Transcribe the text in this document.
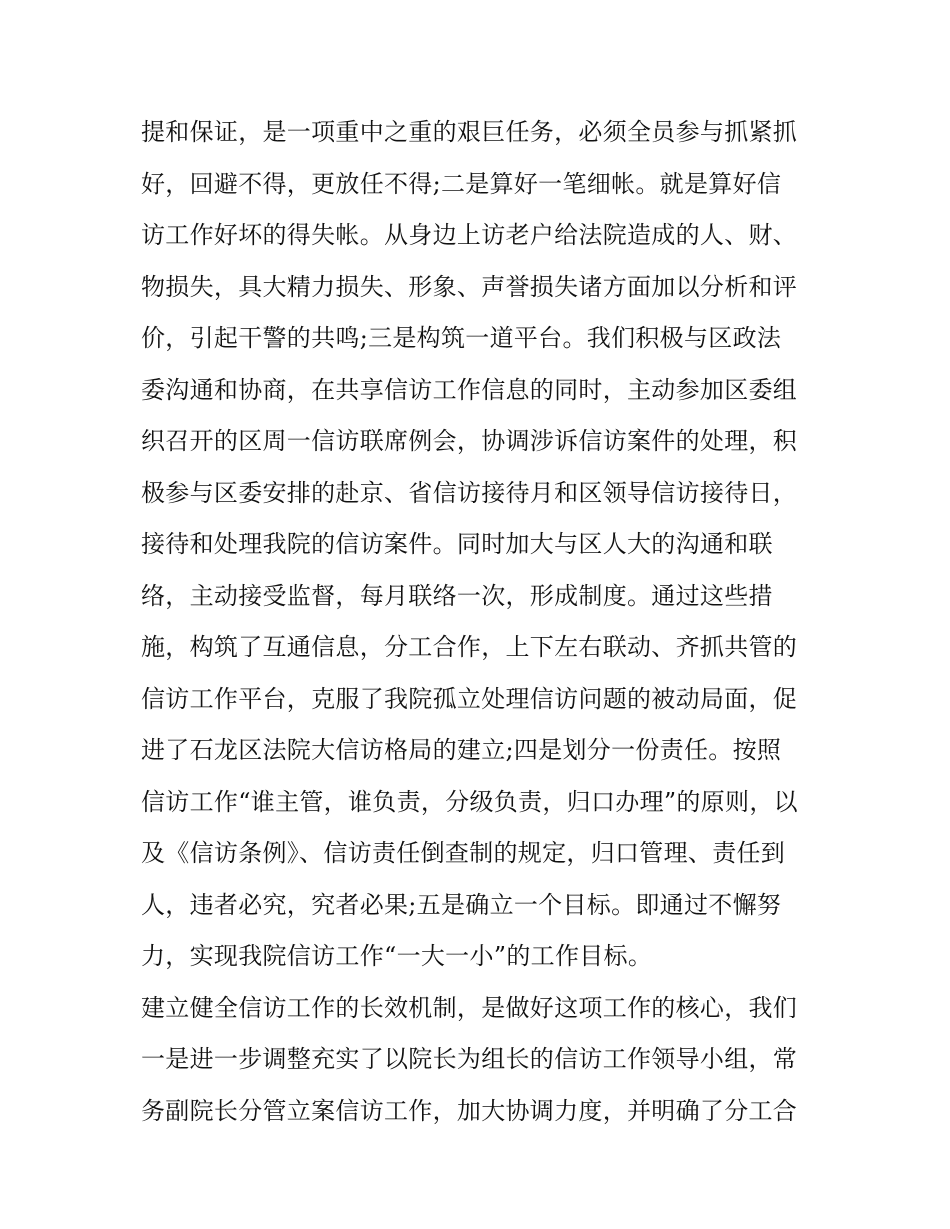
提和保证，是一项重中之重的艰巨任务，必须全员参与抓紧抓
好，回避不得，更放任不得;二是算好一笔细帐。就是算好信
访工作好坏的得失帐。从身边上访老户给法院造成的人、财、
物损失，具大精力损失、形象、声誉损失诸方面加以分析和评
价，引起干警的共鸣;三是构筑一道平台。我们积极与区政法
委沟通和协商，在共享信访工作信息的同时，主动参加区委组
织召开的区周一信访联席例会，协调涉诉信访案件的处理，积
极参与区委安排的赴京、省信访接待月和区领导信访接待日，
接待和处理我院的信访案件。同时加大与区人大的沟通和联
络，主动接受监督，每月联络一次，形成制度。通过这些措
施，构筑了互通信息，分工合作，上下左右联动、齐抓共管的
信访工作平台，克服了我院孤立处理信访问题的被动局面，促
进了石龙区法院大信访格局的建立;四是划分一份责任。按照
信访工作“谁主管，谁负责，分级负责，归口办理”的原则，以
及《信访条例》、信访责任倒查制的规定，归口管理、责任到
人，违者必究，究者必果;五是确立一个目标。即通过不懈努
力，实现我院信访工作“一大一小”的工作目标。
建立健全信访工作的长效机制，是做好这项工作的核心，我们
一是进一步调整充实了以院长为组长的信访工作领导小组，常
务副院长分管立案信访工作，加大协调力度，并明确了分工合
